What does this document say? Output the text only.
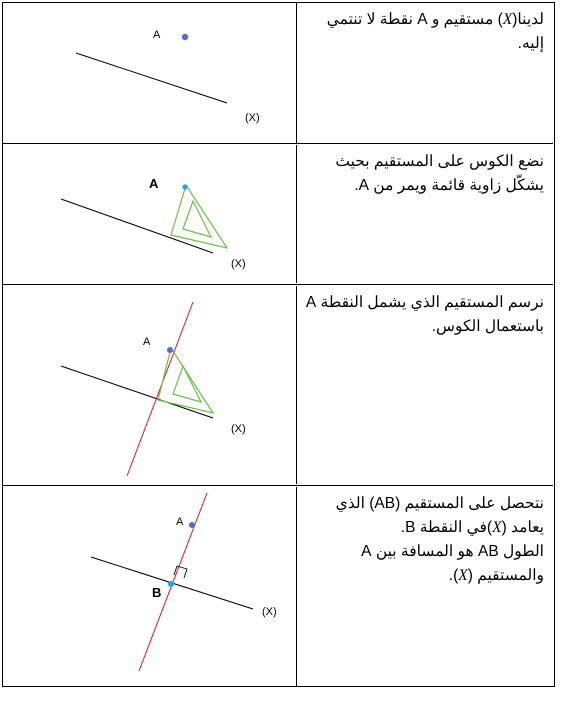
A
(X)
لدينا(X) مستقيم و A نقطة لا تنتمي
إليه.
A
(X)
نضع الكوس على المستقيم بحيث
يشكّل زاوية قائمة ويمر من A.
A
(X)
نرسم المستقيم الذي يشمل النقطة A
باستعمال الكوس.
A
B
(X)
نتحصل على المستقيم (AB) الذي
يعامد (X)في النقطة B.
الطول AB هو المسافة بين A
والمستقيم (X).
